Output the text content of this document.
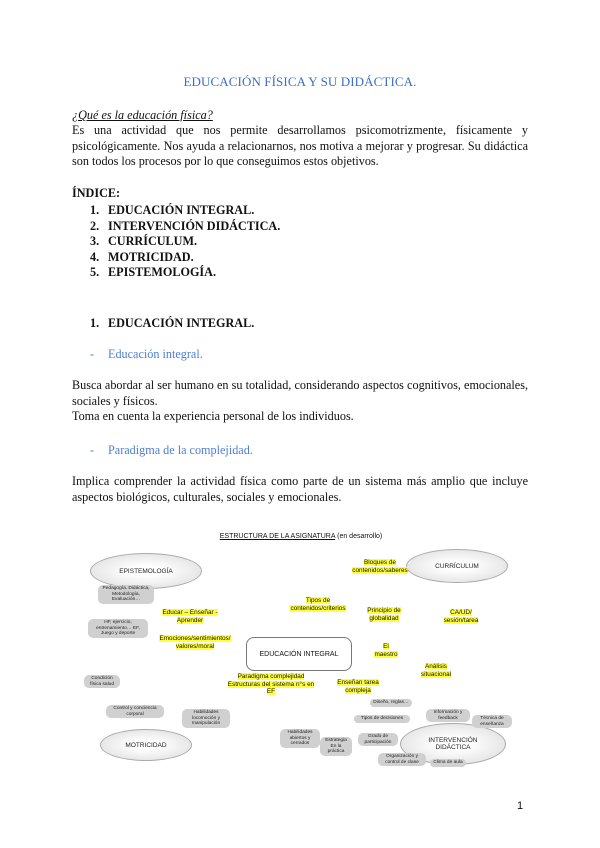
EDUCACIÓN FÍSICA Y SU DIDÁCTICA.
¿Qué es la educación física?
Es una actividad que nos permite desarrollamos psicomotrizmente, físicamente y psicológicamente. Nos ayuda a relacionarnos, nos motiva a mejorar y progresar. Su didáctica son todos los procesos por lo que conseguimos estos objetivos.
ÍNDICE:
1. EDUCACIÓN INTEGRAL.
2. INTERVENCIÓN DIDÁCTICA.
3. CURRÍCULUM.
4. MOTRICIDAD.
5. EPISTEMOLOGÍA.
1. EDUCACIÓN INTEGRAL.
- Educación integral.
Busca abordar al ser humano en su totalidad, considerando aspectos cognitivos, emocionales, sociales y físicos.
Toma en cuenta la experiencia personal de los individuos.
- Paradigma de la complejidad.
Implica comprender la actividad física como parte de un sistema más amplio que incluye aspectos biológicos, culturales, sociales y emocionales.
ESTRUCTURA DE LA ASIGNATURA (en desarrollo)
EPISTEMOLOGÍA
CURRÍCULUM
MOTRICIDAD
INTERVENCIÓN DIDÁCTICA
EDUCACIÓN INTEGRAL
Bloques de contenidos/saberes
Tipos de contenidos/criterios	Principio de globalidad
CA/UD/ sesión/tarea
Educar – Enseñar - Aprender
Emociones/sentimientos/ valores/moral	El maestro
Paradigma complejidad Estructuras del sistema n°s en EF
Enseñan tarea compleja
Análisis situacional
Pedagogía, Didáctica, Metodología, Evaluación…
HF, ejercicio, entrenamiento… EF, Juego y deporte
Condición física salud
Control y conciencia corporal	Habilidades locomoción y manipulación
Diseño, reglas…
Información y feedback
Tipos de decisiones	Técnica de enseñanza
Habilidades abiertos y cerrados
Estrategia En la práctica
Grado de participación
Organización y control de clase	Clima de aula
1
